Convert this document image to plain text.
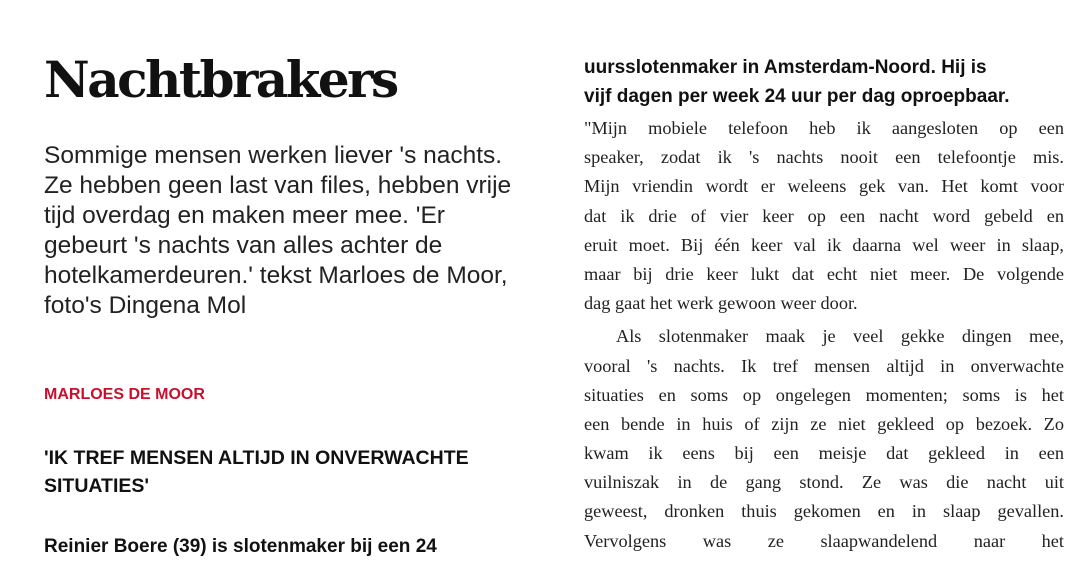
Nachtbrakers

Sommige mensen werken liever 's nachts. Ze hebben geen last van files, hebben vrije tijd overdag en maken meer mee. 'Er gebeurt 's nachts van alles achter de hotelkamerdeuren.' tekst Marloes de Moor, foto's Dingena Mol

MARLOES DE MOOR

'IK TREF MENSEN ALTIJD IN ONVERWACHTE SITUATIES'

Reinier Boere (39) is slotenmaker bij een 24

uursslotenmaker in Amsterdam-Noord. Hij is
vijf dagen per week 24 uur per dag oproepbaar.

"Mijn mobiele telefoon heb ik aangesloten op een
speaker, zodat ik 's nachts nooit een telefoontje mis.
Mijn vriendin wordt er weleens gek van. Het komt voor
dat ik drie of vier keer op een nacht word gebeld en
eruit moet. Bij één keer val ik daarna wel weer in slaap,
maar bij drie keer lukt dat echt niet meer. De volgende
dag gaat het werk gewoon weer door.
Als slotenmaker maak je veel gekke dingen mee,
vooral 's nachts. Ik tref mensen altijd in onverwachte
situaties en soms op ongelegen momenten; soms is het
een bende in huis of zijn ze niet gekleed op bezoek. Zo
kwam ik eens bij een meisje dat gekleed in een
vuilniszak in de gang stond. Ze was die nacht uit
geweest, dronken thuis gekomen en in slaap gevallen.
Vervolgens was ze slaapwandelend naar het
